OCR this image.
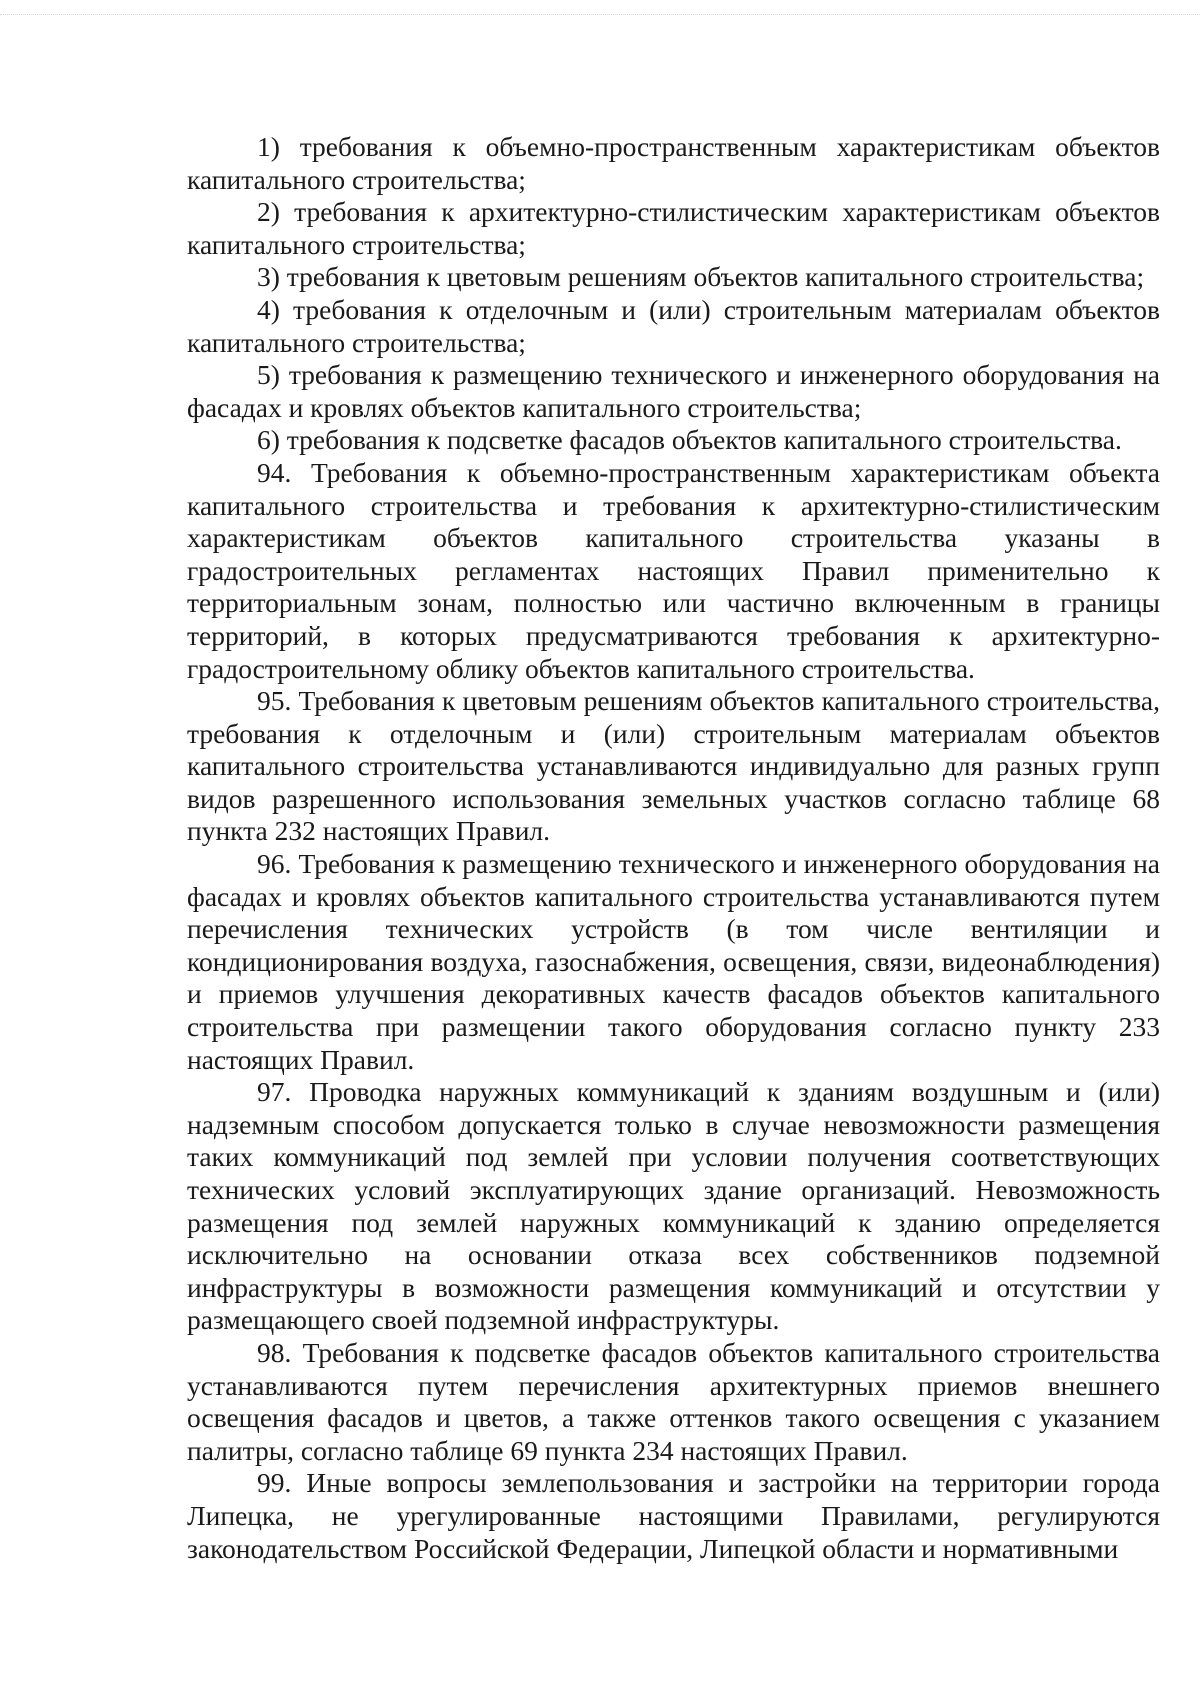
1) требования к объемно-пространственным характеристикам объектов капитального строительства;

2) требования к архитектурно-стилистическим характеристикам объектов капитального строительства;

3) требования к цветовым решениям объектов капитального строительства;

4) требования к отделочным и (или) строительным материалам объектов капитального строительства;

5) требования к размещению технического и инженерного оборудования на фасадах и кровлях объектов капитального строительства;

6) требования к подсветке фасадов объектов капитального строительства.

94. Требования к объемно-пространственным характеристикам объекта капитального строительства и требования к архитектурно-стилистическим характеристикам объектов капитального строительства указаны в градостроительных регламентах настоящих Правил применительно к территориальным зонам, полностью или частично включенным в границы территорий, в которых предусматриваются требования к архитектурно-градостроительному облику объектов капитального строительства.

95. Требования к цветовым решениям объектов капитального строительства, требования к отделочным и (или) строительным материалам объектов капитального строительства устанавливаются индивидуально для разных групп видов разрешенного использования земельных участков согласно таблице 68 пункта 232 настоящих Правил.

96. Требования к размещению технического и инженерного оборудования на фасадах и кровлях объектов капитального строительства устанавливаются путем перечисления технических устройств (в том числе вентиляции и кондиционирования воздуха, газоснабжения, освещения, связи, видеонаблюдения) и приемов улучшения декоративных качеств фасадов объектов капитального строительства при размещении такого оборудования согласно пункту 233 настоящих Правил.

97. Проводка наружных коммуникаций к зданиям воздушным и (или) надземным способом допускается только в случае невозможности размещения таких коммуникаций под землей при условии получения соответствующих технических условий эксплуатирующих здание организаций. Невозможность размещения под землей наружных коммуникаций к зданию определяется исключительно на основании отказа всех собственников подземной инфраструктуры в возможности размещения коммуникаций и отсутствии у размещающего своей подземной инфраструктуры.

98. Требования к подсветке фасадов объектов капитального строительства устанавливаются путем перечисления архитектурных приемов внешнего освещения фасадов и цветов, а также оттенков такого освещения с указанием палитры, согласно таблице 69 пункта 234 настоящих Правил.

99. Иные вопросы землепользования и застройки на территории города Липецка, не урегулированные настоящими Правилами, регулируются законодательством Российской Федерации, Липецкой области и нормативными
